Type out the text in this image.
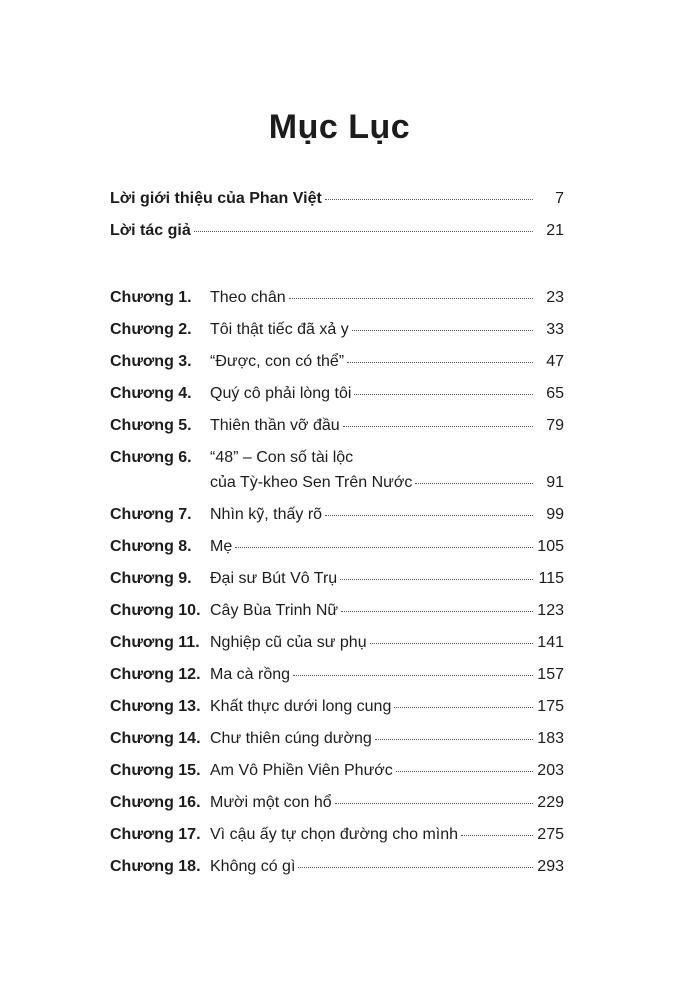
Mục Lục
Lời giới thiệu của Phan Việt	7
Lời tác giả	21
Chương 1.	Theo chân	23
Chương 2.	Tôi thật tiếc đã xả y	33
Chương 3.	“Được, con có thể”	47
Chương 4.	Quý cô phải lòng tôi	65
Chương 5.	Thiên thần vỡ đầu	79
Chương 6.	“48” – Con số tài lộc
của Tỳ-kheo Sen Trên Nước	91
Chương 7.	Nhìn kỹ, thấy rõ	99
Chương 8.	Mẹ	105
Chương 9.	Đại sư Bút Vô Trụ	115
Chương 10. Cây Bùa Trinh Nữ	123
Chương 11. Nghiệp cũ của sư phụ	141
Chương 12. Ma cà rồng	157
Chương 13. Khất thực dưới long cung	175
Chương 14. Chư thiên cúng dường	183
Chương 15. Am Vô Phiền Viên Phước	203
Chương 16. Mười một con hổ	229
Chương 17. Vì cậu ấy tự chọn đường cho mình	275
Chương 18. Không có gì	293
